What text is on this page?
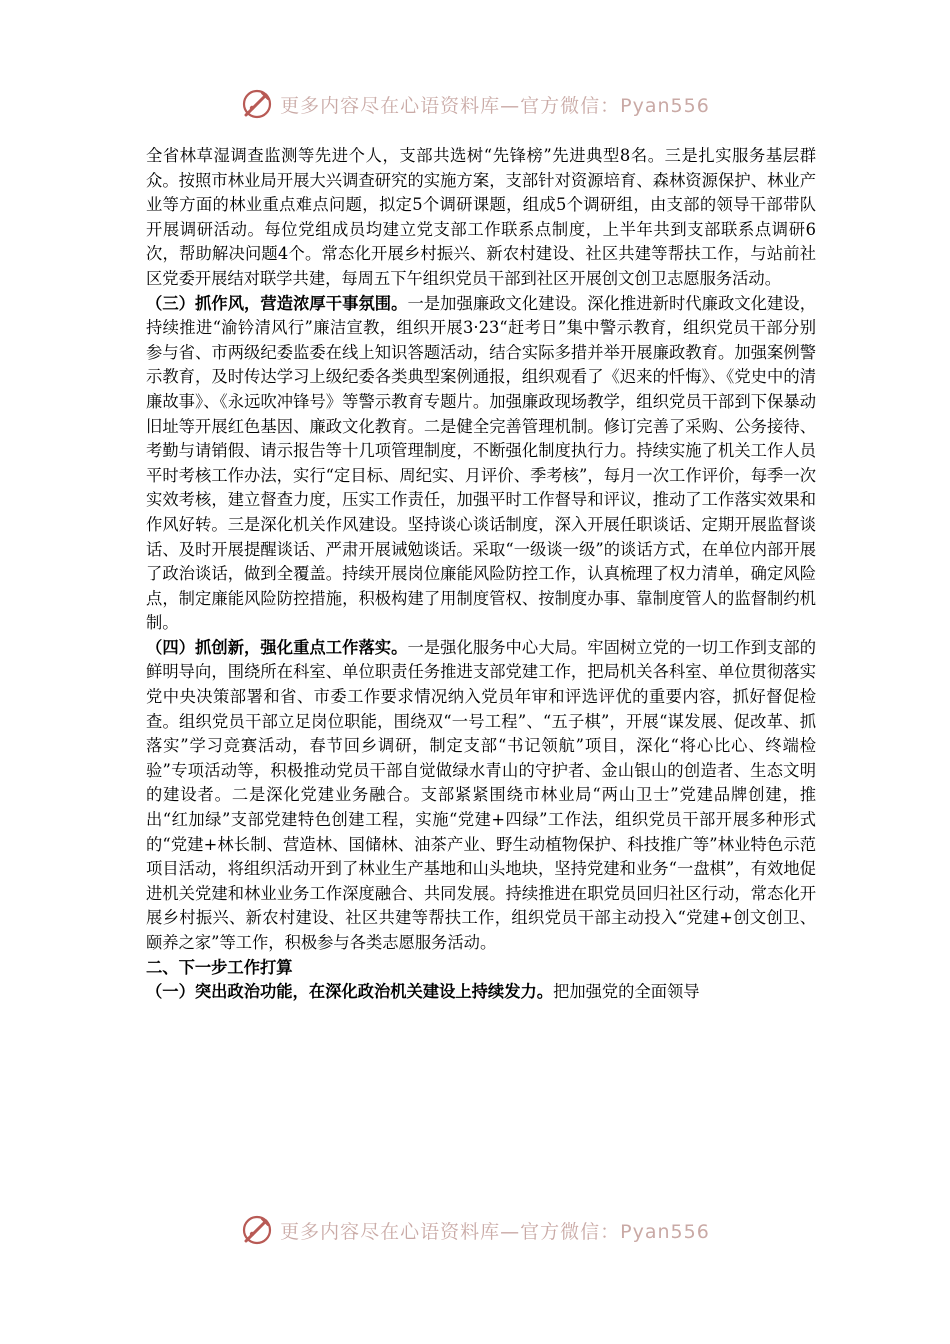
更多内容尽在心语资料库—官方微信：Pyan556

全省林草湿调查监测等先进个人，支部共选树“先锋榜”先进典型8名。三是扎实服务基层群众。按照市林业局开展大兴调查研究的实施方案，支部针对资源培育、森林资源保护、林业产业等方面的林业重点难点问题，拟定5个调研课题，组成5个调研组，由支部的领导干部带队开展调研活动。每位党组成员均建立党支部工作联系点制度，上半年共到支部联系点调研6次，帮助解决问题4个。常态化开展乡村振兴、新农村建设、社区共建等帮扶工作，与站前社区党委开展结对联学共建，每周五下午组织党员干部到社区开展创文创卫志愿服务活动。

（三）抓作风，营造浓厚干事氛围。一是加强廉政文化建设。深化推进新时代廉政文化建设，持续推进“渝钤清风行”廉洁宣教，组织开展3·23“赶考日”集中警示教育，组织党员干部分别参与省、市两级纪委监委在线上知识答题活动，结合实际多措并举开展廉政教育。加强案例警示教育，及时传达学习上级纪委各类典型案例通报，组织观看了《迟来的忏悔》、《党史中的清廉故事》、《永远吹冲锋号》等警示教育专题片。加强廉政现场教学，组织党员干部到下保暴动旧址等开展红色基因、廉政文化教育。二是健全完善管理机制。修订完善了采购、公务接待、考勤与请销假、请示报告等十几项管理制度，不断强化制度执行力。持续实施了机关工作人员平时考核工作办法，实行“定目标、周纪实、月评价、季考核”，每月一次工作评价，每季一次实效考核，建立督查力度，压实工作责任，加强平时工作督导和评议，推动了工作落实效果和作风好转。三是深化机关作风建设。坚持谈心谈话制度，深入开展任职谈话、定期开展监督谈话、及时开展提醒谈话、严肃开展诫勉谈话。采取“一级谈一级”的谈话方式，在单位内部开展了政治谈话，做到全覆盖。持续开展岗位廉能风险防控工作，认真梳理了权力清单，确定风险点，制定廉能风险防控措施，积极构建了用制度管权、按制度办事、靠制度管人的监督制约机制。

（四）抓创新，强化重点工作落实。一是强化服务中心大局。牢固树立党的一切工作到支部的鲜明导向，围绕所在科室、单位职责任务推进支部党建工作，把局机关各科室、单位贯彻落实党中央决策部署和省、市委工作要求情况纳入党员年审和评选评优的重要内容，抓好督促检查。组织党员干部立足岗位职能，围绕双“一号工程”、“五子棋”，开展“谋发展、促改革、抓落实”学习竞赛活动，春节回乡调研，制定支部“书记领航”项目，深化“将心比心、终端检验”专项活动等，积极推动党员干部自觉做绿水青山的守护者、金山银山的创造者、生态文明的建设者。二是深化党建业务融合。支部紧紧围绕市林业局“两山卫士”党建品牌创建，推出“红加绿”支部党建特色创建工程，实施“党建+四绿”工作法，组织党员干部开展多种形式的“党建+林长制、营造林、国储林、油茶产业、野生动植物保护、科技推广等”林业特色示范项目活动，将组织活动开到了林业生产基地和山头地块，坚持党建和业务“一盘棋”，有效地促进机关党建和林业业务工作深度融合、共同发展。持续推进在职党员回归社区行动，常态化开展乡村振兴、新农村建设、社区共建等帮扶工作，组织党员干部主动投入“党建+创文创卫、颐养之家”等工作，积极参与各类志愿服务活动。

二、下一步工作打算

（一）突出政治功能，在深化政治机关建设上持续发力。把加强党的全面领导

更多内容尽在心语资料库—官方微信：Pyan556
